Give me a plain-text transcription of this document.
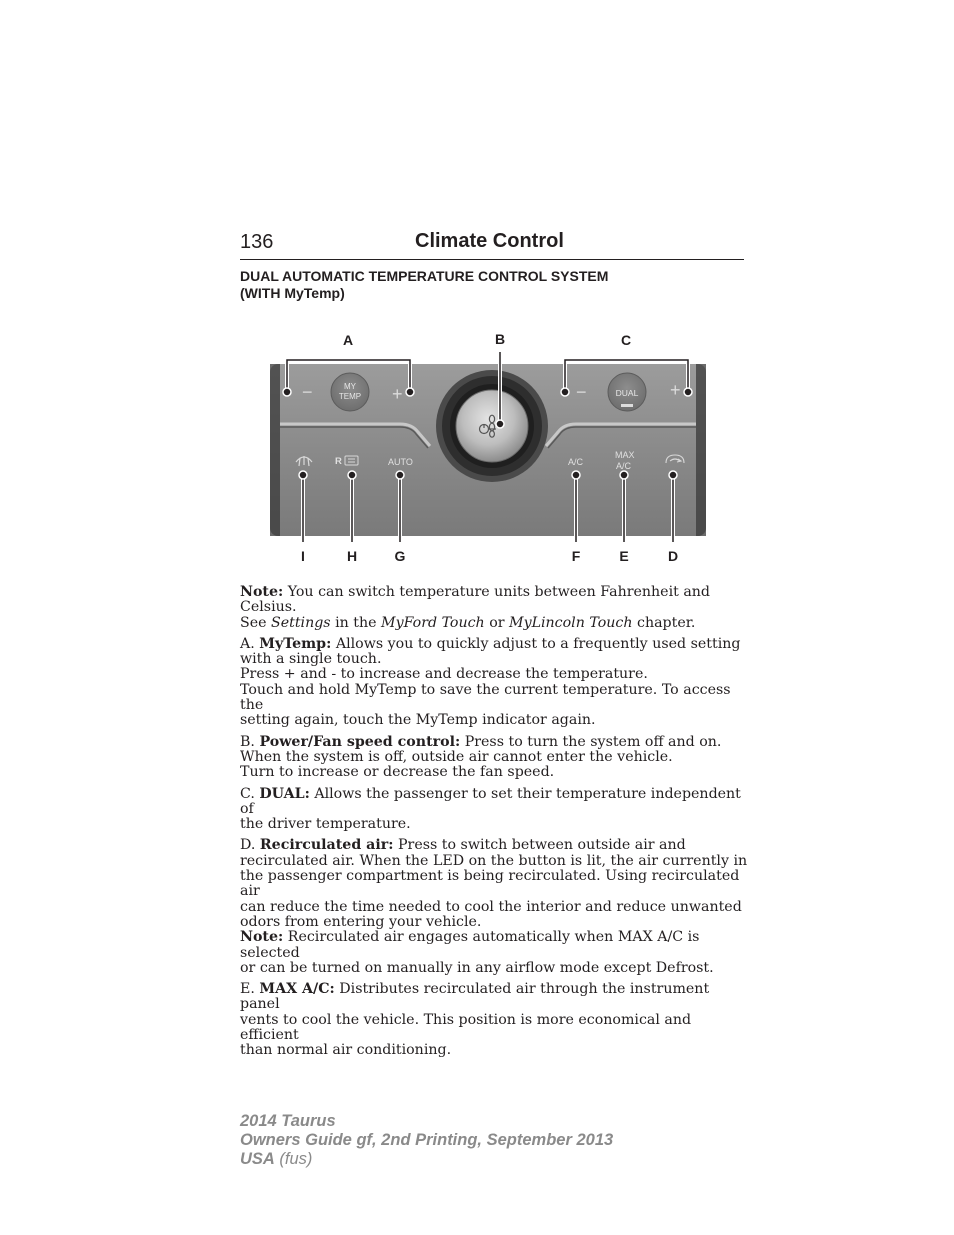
136	Climate Control
DUAL AUTOMATIC TEMPERATURE CONTROL SYSTEM
(WITH MyTemp)
−	+
MY
TEMP	−	+
DUAL
R	AUTO	A/C
MAX
A/C
A	B	C
I	H	G	F	E	D

Note: You can switch temperature units between Fahrenheit and Celsius.
See Settings in the MyFord Touch or MyLincoln Touch chapter.

A. MyTemp: Allows you to quickly adjust to a frequently used setting
with a single touch.
Press + and - to increase and decrease the temperature.
Touch and hold MyTemp to save the current temperature. To access the
setting again, touch the MyTemp indicator again.

B. Power/Fan speed control: Press to turn the system off and on.
When the system is off, outside air cannot enter the vehicle.
Turn to increase or decrease the fan speed.

C. DUAL: Allows the passenger to set their temperature independent of
the driver temperature.

D. Recirculated air: Press to switch between outside air and
recirculated air. When the LED on the button is lit, the air currently in
the passenger compartment is being recirculated. Using recirculated air
can reduce the time needed to cool the interior and reduce unwanted
odors from entering your vehicle.
Note: Recirculated air engages automatically when MAX A/C is selected
or can be turned on manually in any airflow mode except Defrost.

E. MAX A/C: Distributes recirculated air through the instrument panel
vents to cool the vehicle. This position is more economical and efficient
than normal air conditioning.

2014 Taurus
Owners Guide gf, 2nd Printing, September 2013
USA (fus)
